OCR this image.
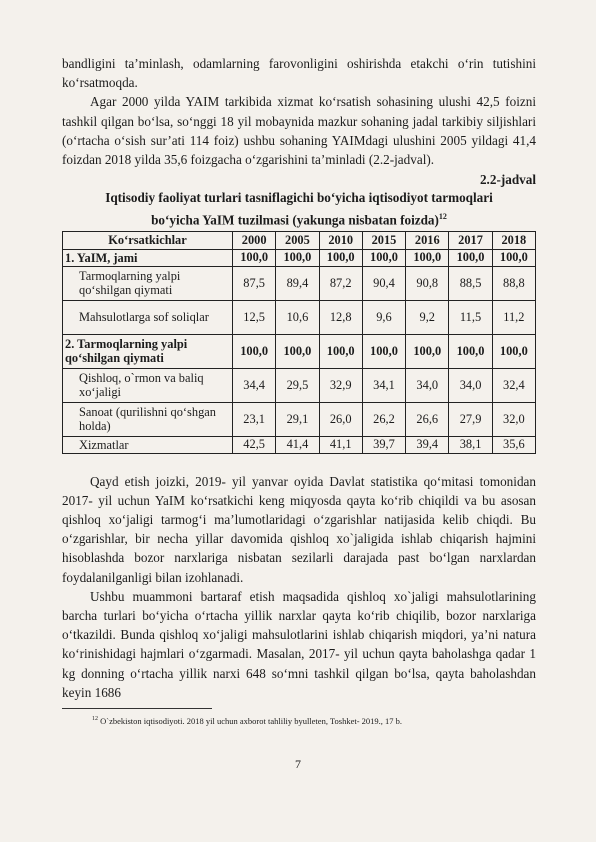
bandligini ta’minlash, odamlarning farovonligini oshirishda etakchi o‘rin tutishini ko‘rsatmoqda.

Agar 2000 yilda YAIM tarkibida xizmat ko‘rsatish sohasining ulushi 42,5 foizni tashkil qilgan bo‘lsa, so‘nggi 18 yil mobaynida mazkur sohaning jadal tarkibiy siljishlari (o‘rtacha o‘sish sur’ati 114 foiz) ushbu sohaning YAIMdagi ulushini 2005 yildagi 41,4 foizdan 2018 yilda 35,6 foizgacha o‘zgarishini ta’minladi (2.2-jadval).

2.2-jadval
Iqtisodiy faoliyat turlari tasniflagichi bo‘yicha iqtisodiyot tarmoqlari
bo‘yicha YaIM tuzilmasi (yakunga nisbatan foizda)$^{12}$
Ko‘rsatkichlar	2000	2005	2010	2015	2016	2017	2018
1. YaIM, jami	100,0	100,0	100,0	100,0	100,0	100,0	100,0
Tarmoqlarning yalpi qo‘shilgan qiymati	87,5	89,4	87,2	90,4	90,8	88,5	88,8
Mahsulotlarga sof soliqlar	12,5	10,6	12,8	9,6	9,2	11,5	11,2
2. Tarmoqlarning yalpi qo‘shilgan qiymati	100,0	100,0	100,0	100,0	100,0	100,0	100,0
Qishloq, o`rmon va baliq xo‘jaligi	34,4	29,5	32,9	34,1	34,0	34,0	32,4
Sanoat (qurilishni qo‘shgan holda)	23,1	29,1	26,0	26,2	26,6	27,9	32,0
Xizmatlar	42,5	41,4	41,1	39,7	39,4	38,1	35,6

Qayd etish joizki, 2019- yil yanvar oyida Davlat statistika qo‘mitasi tomonidan 2017- yil uchun YaIM ko‘rsatkichi keng miqyosda qayta ko‘rib chiqildi va bu asosan qishloq xo‘jaligi tarmog‘i ma’lumotlaridagi o‘zgarishlar natijasida kelib chiqdi. Bu o‘zgarishlar, bir necha yillar davomida qishloq xo`jaligida ishlab chiqarish hajmini hisoblashda bozor narxlariga nisbatan sezilarli darajada past bo‘lgan narxlardan foydalanilganligi bilan izohlanadi.

Ushbu muammoni bartaraf etish maqsadida qishloq xo`jaligi mahsulotlarining barcha turlari bo‘yicha o‘rtacha yillik narxlar qayta ko‘rib chiqilib, bozor narxlariga o‘tkazildi. Bunda qishloq xo‘jaligi mahsulotlarini ishlab chiqarish miqdori, ya’ni natura ko‘rinishidagi hajmlari o‘zgarmadi. Masalan, 2017- yil uchun qayta baholashga qadar 1 kg donning o‘rtacha yillik narxi 648 so‘mni tashkil qilgan bo‘lsa, qayta baholashdan keyin 1686

$^{12}$ O`zbekiston iqtisodiyoti. 2018 yil uchun axborot tahliliy byulleten, Toshket- 2019., 17 b.
7
